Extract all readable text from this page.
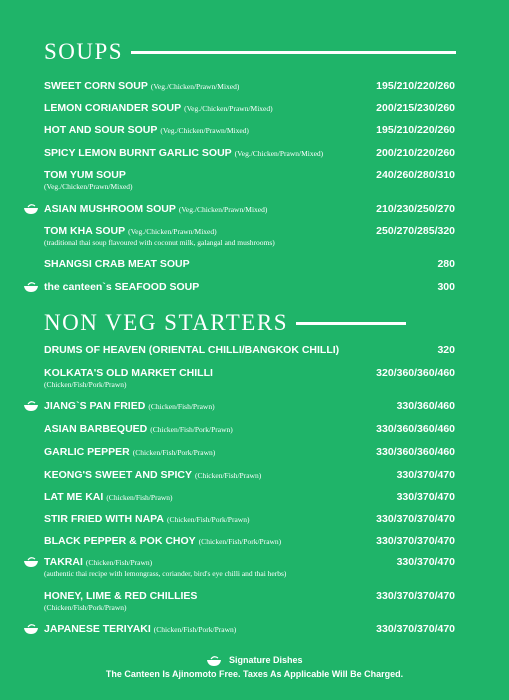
SOUPS
SWEET CORN SOUP (Veg./Chicken/Prawn/Mixed)	195/210/220/260
LEMON CORIANDER SOUP (Veg./Chicken/Prawn/Mixed)	200/215/230/260
HOT AND SOUR SOUP (Veg./Chicken/Prawn/Mixed)	195/210/220/260
SPICY LEMON BURNT GARLIC SOUP (Veg./Chicken/Prawn/Mixed)	200/210/220/260
TOM YUM SOUP	240/260/280/310
(Veg./Chicken/Prawn/Mixed)
ASIAN MUSHROOM SOUP (Veg./Chicken/Prawn/Mixed)	210/230/250/270
TOM KHA SOUP (Veg./Chicken/Prawn/Mixed)	250/270/285/320
(traditional thai soup flavoured with coconut milk, galangal and mushrooms)
SHANGSI CRAB MEAT SOUP	280
the canteen`s SEAFOOD SOUP	300
NON VEG STARTERS
DRUMS OF HEAVEN (ORIENTAL CHILLI/BANGKOK CHILLI)	320
KOLKATA'S OLD MARKET CHILLI	320/360/360/460
(Chicken/Fish/Pork/Prawn)
JIANG`S PAN FRIED (Chicken/Fish/Prawn)	330/360/460
ASIAN BARBEQUED (Chicken/Fish/Pork/Prawn)	330/360/360/460
GARLIC PEPPER (Chicken/Fish/Pork/Prawn)	330/360/360/460
KEONG'S SWEET AND SPICY (Chicken/Fish/Prawn)	330/370/470
LAT ME KAI (Chicken/Fish/Prawn)	330/370/470
STIR FRIED WITH NAPA (Chicken/Fish/Pork/Prawn)	330/370/370/470
BLACK PEPPER & POK CHOY (Chicken/Fish/Pork/Prawn)	330/370/370/470
TAKRAI (Chicken/Fish/Prawn)	330/370/470
(authentic thai recipe with lemongrass, coriander, bird's eye chilli and thai herbs)
HONEY, LIME & RED CHILLIES	330/370/370/470
(Chicken/Fish/Pork/Prawn)
JAPANESE TERIYAKI (Chicken/Fish/Pork/Prawn)	330/370/370/470
Signature Dishes
The Canteen Is Ajinomoto Free. Taxes As Applicable Will Be Charged.
